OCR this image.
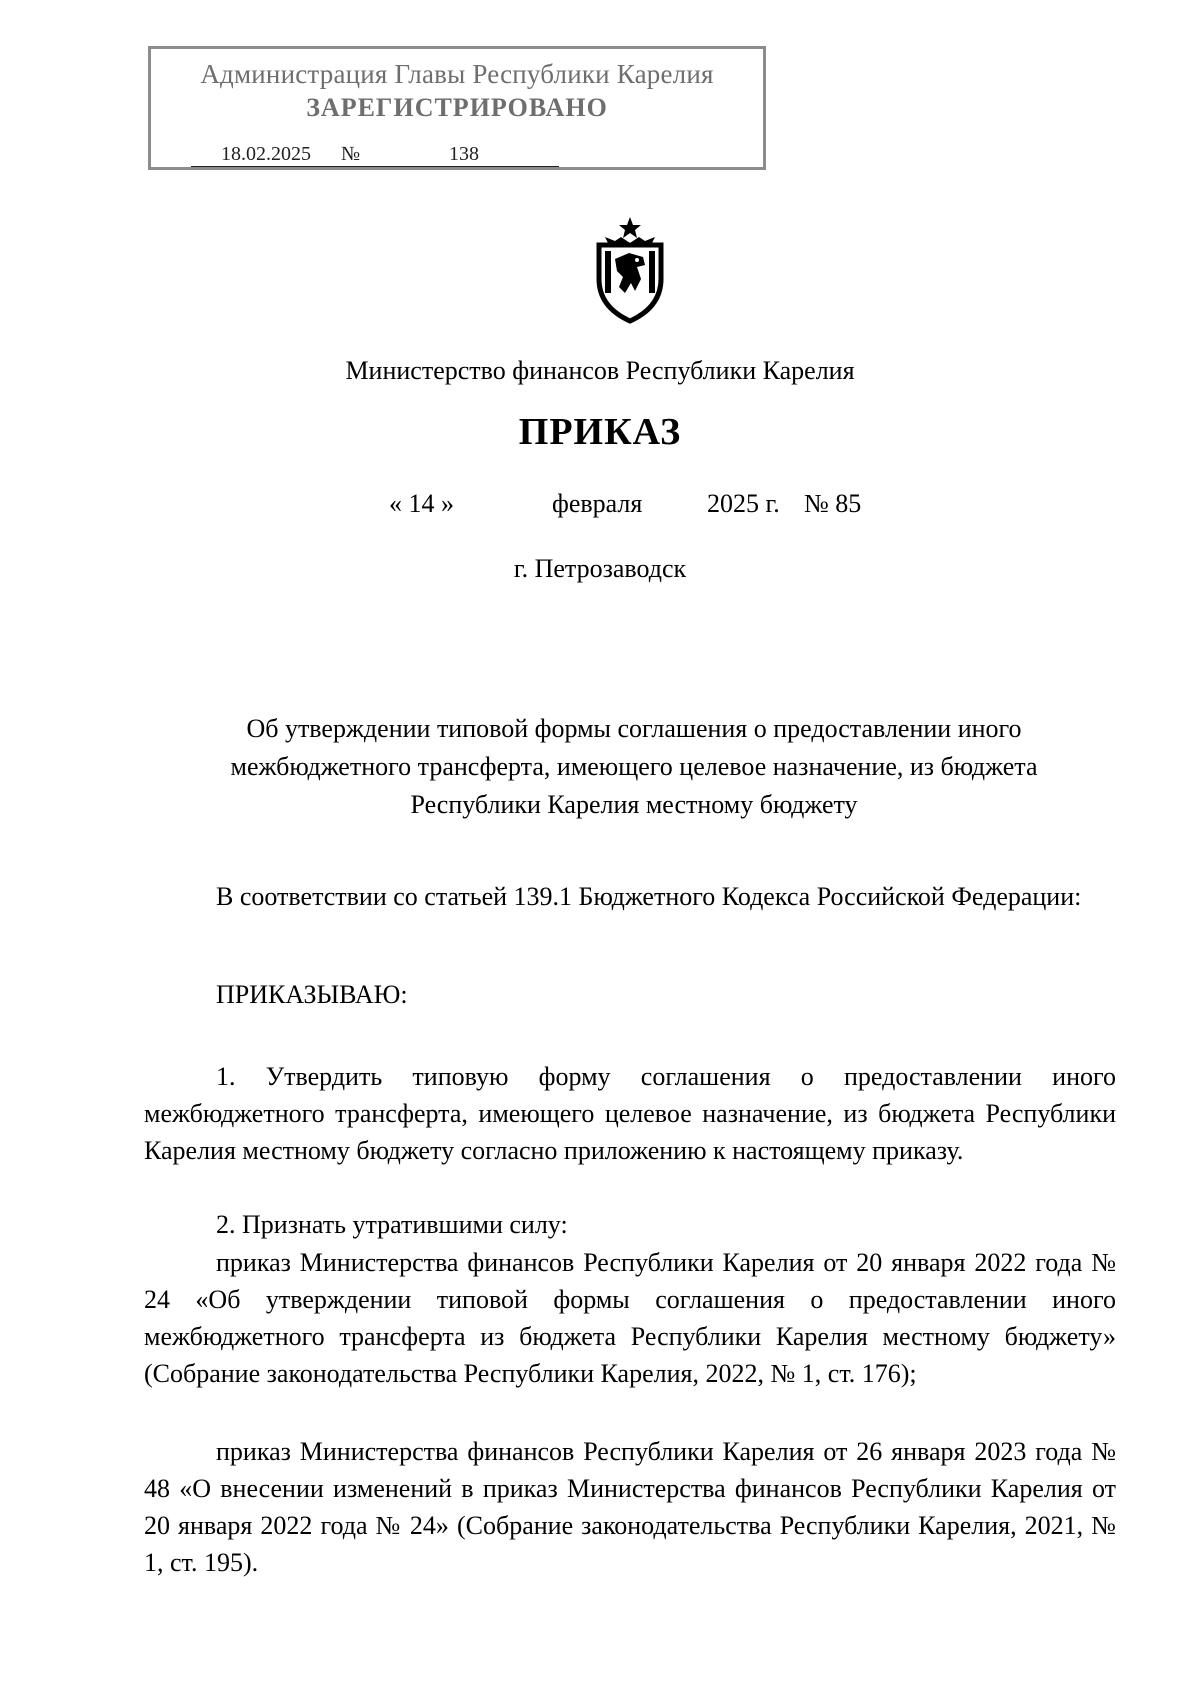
Администрация Главы Республики Карелия
ЗАРЕГИСТРИРОВАНО
18.02.2025 №	138
Министерство финансов Республики Карелия
ПРИКАЗ
« 14 »	февраля 2025 г. № 85
г. Петрозаводск
Об утверждении типовой формы соглашения о предоставлении иного
межбюджетного трансферта, имеющего целевое назначение, из бюджета
Республики Карелия местному бюджету

В соответствии со статьей 139.1 Бюджетного Кодекса Российской Федерации:

ПРИКАЗЫВАЮ:

1. Утвердить типовую форму соглашения о предоставлении иного межбюджетного трансферта, имеющего целевое назначение, из бюджета Республики Карелия местному бюджету согласно приложению к настоящему приказу.

2. Признать утратившими силу:

приказ Министерства финансов Республики Карелия от 20 января 2022 года № 24 «Об утверждении типовой формы соглашения о предоставлении иного межбюджетного трансферта из бюджета Республики Карелия местному бюджету» (Собрание законодательства Республики Карелия, 2022, № 1, ст. 176);

приказ Министерства финансов Республики Карелия от 26 января 2023 года № 48 «О внесении изменений в приказ Министерства финансов Республики Карелия от 20 января 2022 года № 24» (Собрание законодательства Республики Карелия, 2021, № 1, ст. 195).
